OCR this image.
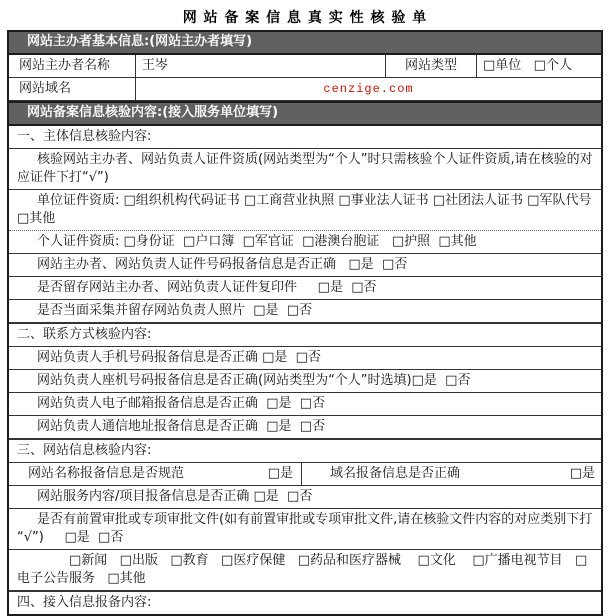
网 站 备 案 信 息 真 实 性 核 验 单
网站主办者基本信息:(网站主办者填写)
网站主办者名称	王岑	网站类型	□单位   □个人
网站域名	cenzige.com
网站备案信息核验内容:(接入服务单位填写)
一、主体信息核验内容:
核验网站主办者、网站负责人证件资质(网站类型为“个人”时只需核验个人证件资质,请在核验的对应证件下打“√”)
单位证件资质: □组织机构代码证书 □工商营业执照 □事业法人证书 □社团法人证书 □军队代号 □其他
个人证件资质: □身份证  □户口簿  □军官证  □港澳台胞证   □护照  □其他
网站主办者、网站负责人证件号码报备信息是否正确   □是  □否
是否留存网站主办者、网站负责人证件复印件     □是  □否
是否当面采集并留存网站负责人照片  □是  □否
二、联系方式核验内容:
网站负责人手机号码报备信息是否正确 □是  □否
网站负责人座机号码报备信息是否正确(网站类型为“个人”时选填)□是  □否
网站负责人电子邮箱报备信息是否正确  □是  □否
网站负责人通信地址报备信息是否正确  □是  □否
三、网站信息核验内容:
网站名称报备信息是否规范	□是	域名报备信息是否正确	□是
网站服务内容/项目报备信息是否正确 □是  □否
是否有前置审批或专项审批文件(如有前置审批或专项审批文件,请在核验文件内容的对应类别下打“√”)     □是  □否
□新闻   □出版   □教育   □医疗保健   □药品和医疗器械    □文化    □广播电视节目   □电子公告服务   □其他
四、接入信息报备内容:
